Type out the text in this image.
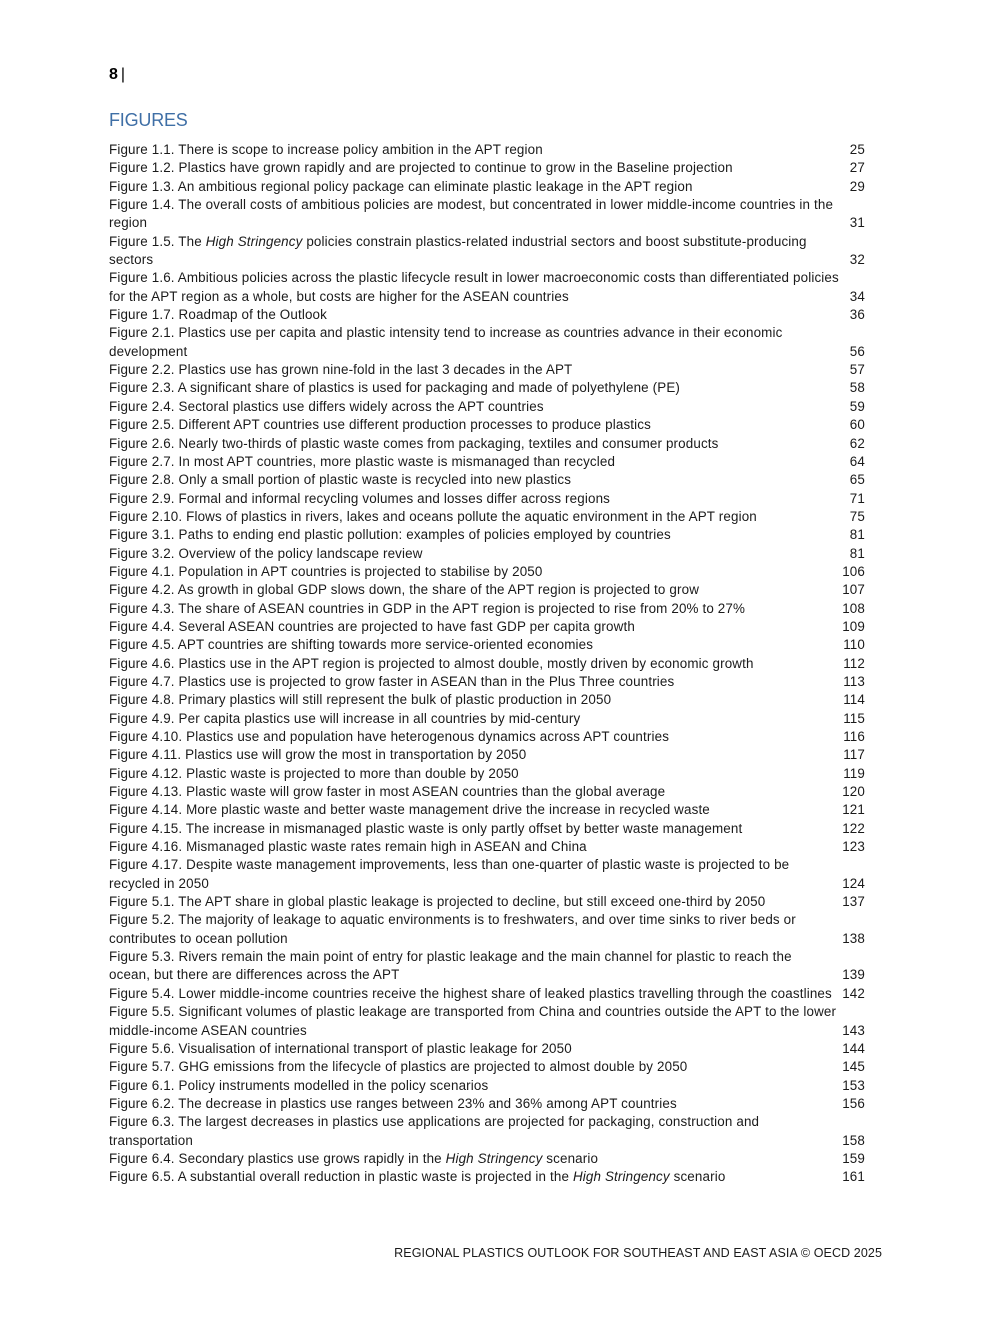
8 |
FIGURES
Figure 1.1. There is scope to increase policy ambition in the APT region	25
Figure 1.2. Plastics have grown rapidly and are projected to continue to grow in the Baseline projection	27
Figure 1.3. An ambitious regional policy package can eliminate plastic leakage in the APT region	29
Figure 1.4. The overall costs of ambitious policies are modest, but concentrated in lower middle-income countries in the region	31
Figure 1.5. The High Stringency policies constrain plastics-related industrial sectors and boost substitute-producing sectors	32
Figure 1.6. Ambitious policies across the plastic lifecycle result in lower macroeconomic costs than differentiated policies for the APT region as a whole, but costs are higher for the ASEAN countries	34
Figure 1.7. Roadmap of the Outlook	36
Figure 2.1. Plastics use per capita and plastic intensity tend to increase as countries advance in their economic development	56
Figure 2.2. Plastics use has grown nine-fold in the last 3 decades in the APT	57
Figure 2.3. A significant share of plastics is used for packaging and made of polyethylene (PE)	58
Figure 2.4. Sectoral plastics use differs widely across the APT countries	59
Figure 2.5. Different APT countries use different production processes to produce plastics	60
Figure 2.6. Nearly two-thirds of plastic waste comes from packaging, textiles and consumer products	62
Figure 2.7. In most APT countries, more plastic waste is mismanaged than recycled	64
Figure 2.8. Only a small portion of plastic waste is recycled into new plastics	65
Figure 2.9. Formal and informal recycling volumes and losses differ across regions	71
Figure 2.10. Flows of plastics in rivers, lakes and oceans pollute the aquatic environment in the APT region	75
Figure 3.1. Paths to ending end plastic pollution: examples of policies employed by countries	81
Figure 3.2. Overview of the policy landscape review	81
Figure 4.1. Population in APT countries is projected to stabilise by 2050	106
Figure 4.2. As growth in global GDP slows down, the share of the APT region is projected to grow	107
Figure 4.3. The share of ASEAN countries in GDP in the APT region is projected to rise from 20% to 27%	108
Figure 4.4. Several ASEAN countries are projected to have fast GDP per capita growth	109
Figure 4.5. APT countries are shifting towards more service-oriented economies	110
Figure 4.6. Plastics use in the APT region is projected to almost double, mostly driven by economic growth	112
Figure 4.7. Plastics use is projected to grow faster in ASEAN than in the Plus Three countries	113
Figure 4.8. Primary plastics will still represent the bulk of plastic production in 2050	114
Figure 4.9. Per capita plastics use will increase in all countries by mid-century	115
Figure 4.10. Plastics use and population have heterogenous dynamics across APT countries	116
Figure 4.11. Plastics use will grow the most in transportation by 2050	117
Figure 4.12. Plastic waste is projected to more than double by 2050	119
Figure 4.13. Plastic waste will grow faster in most ASEAN countries than the global average	120
Figure 4.14. More plastic waste and better waste management drive the increase in recycled waste	121
Figure 4.15. The increase in mismanaged plastic waste is only partly offset by better waste management	122
Figure 4.16. Mismanaged plastic waste rates remain high in ASEAN and China	123
Figure 4.17. Despite waste management improvements, less than one-quarter of plastic waste is projected to be recycled in 2050	124
Figure 5.1. The APT share in global plastic leakage is projected to decline, but still exceed one-third by 2050	137
Figure 5.2. The majority of leakage to aquatic environments is to freshwaters, and over time sinks to river beds or contributes to ocean pollution	138
Figure 5.3. Rivers remain the main point of entry for plastic leakage and the main channel for plastic to reach the ocean, but there are differences across the APT	139
Figure 5.4. Lower middle-income countries receive the highest share of leaked plastics travelling through the coastlines 142
Figure 5.5. Significant volumes of plastic leakage are transported from China and countries outside the APT to the lower middle-income ASEAN countries	143
Figure 5.6. Visualisation of international transport of plastic leakage for 2050	144
Figure 5.7. GHG emissions from the lifecycle of plastics are projected to almost double by 2050	145
Figure 6.1. Policy instruments modelled in the policy scenarios	153
Figure 6.2. The decrease in plastics use ranges between 23% and 36% among APT countries	156
Figure 6.3. The largest decreases in plastics use applications are projected for packaging, construction and transportation	158
Figure 6.4. Secondary plastics use grows rapidly in the High Stringency scenario	159
Figure 6.5. A substantial overall reduction in plastic waste is projected in the High Stringency scenario	161
REGIONAL PLASTICS OUTLOOK FOR SOUTHEAST AND EAST ASIA © OECD 2025
